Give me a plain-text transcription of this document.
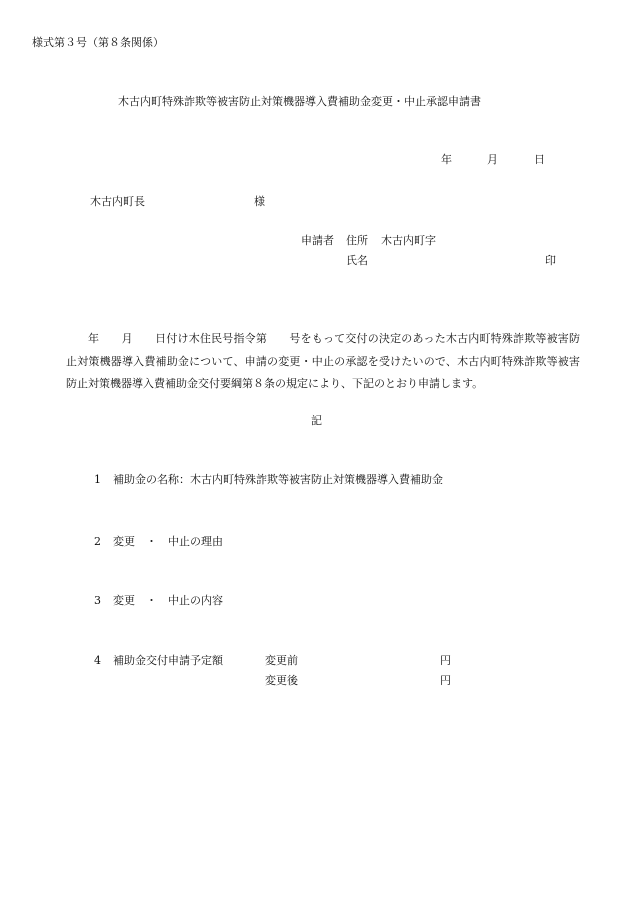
様式第３号（第８条関係）
木古内町特殊詐欺等被害防止対策機器導入費補助金変更・中止承認申請書
年	月	日
木古内町長	様
申請者 住所 木古内町字
氏名	印
年　　月　　日付け木住民号指令第　　号をもって交付の決定のあった木古内町特殊詐欺等被害防止対策機器導入費補助金について、申請の変更・中止の承認を受けたいので、木古内町特殊詐欺等被害防止対策機器導入費補助金交付要綱第８条の規定により、下記のとおり申請します。
記
1 補助金の名称：木古内町特殊詐欺等被害防止対策機器導入費補助金
2 変更　・　中止の理由
3 変更　・　中止の内容
4 補助金交付申請予定額	変更前	円
変更後	円
